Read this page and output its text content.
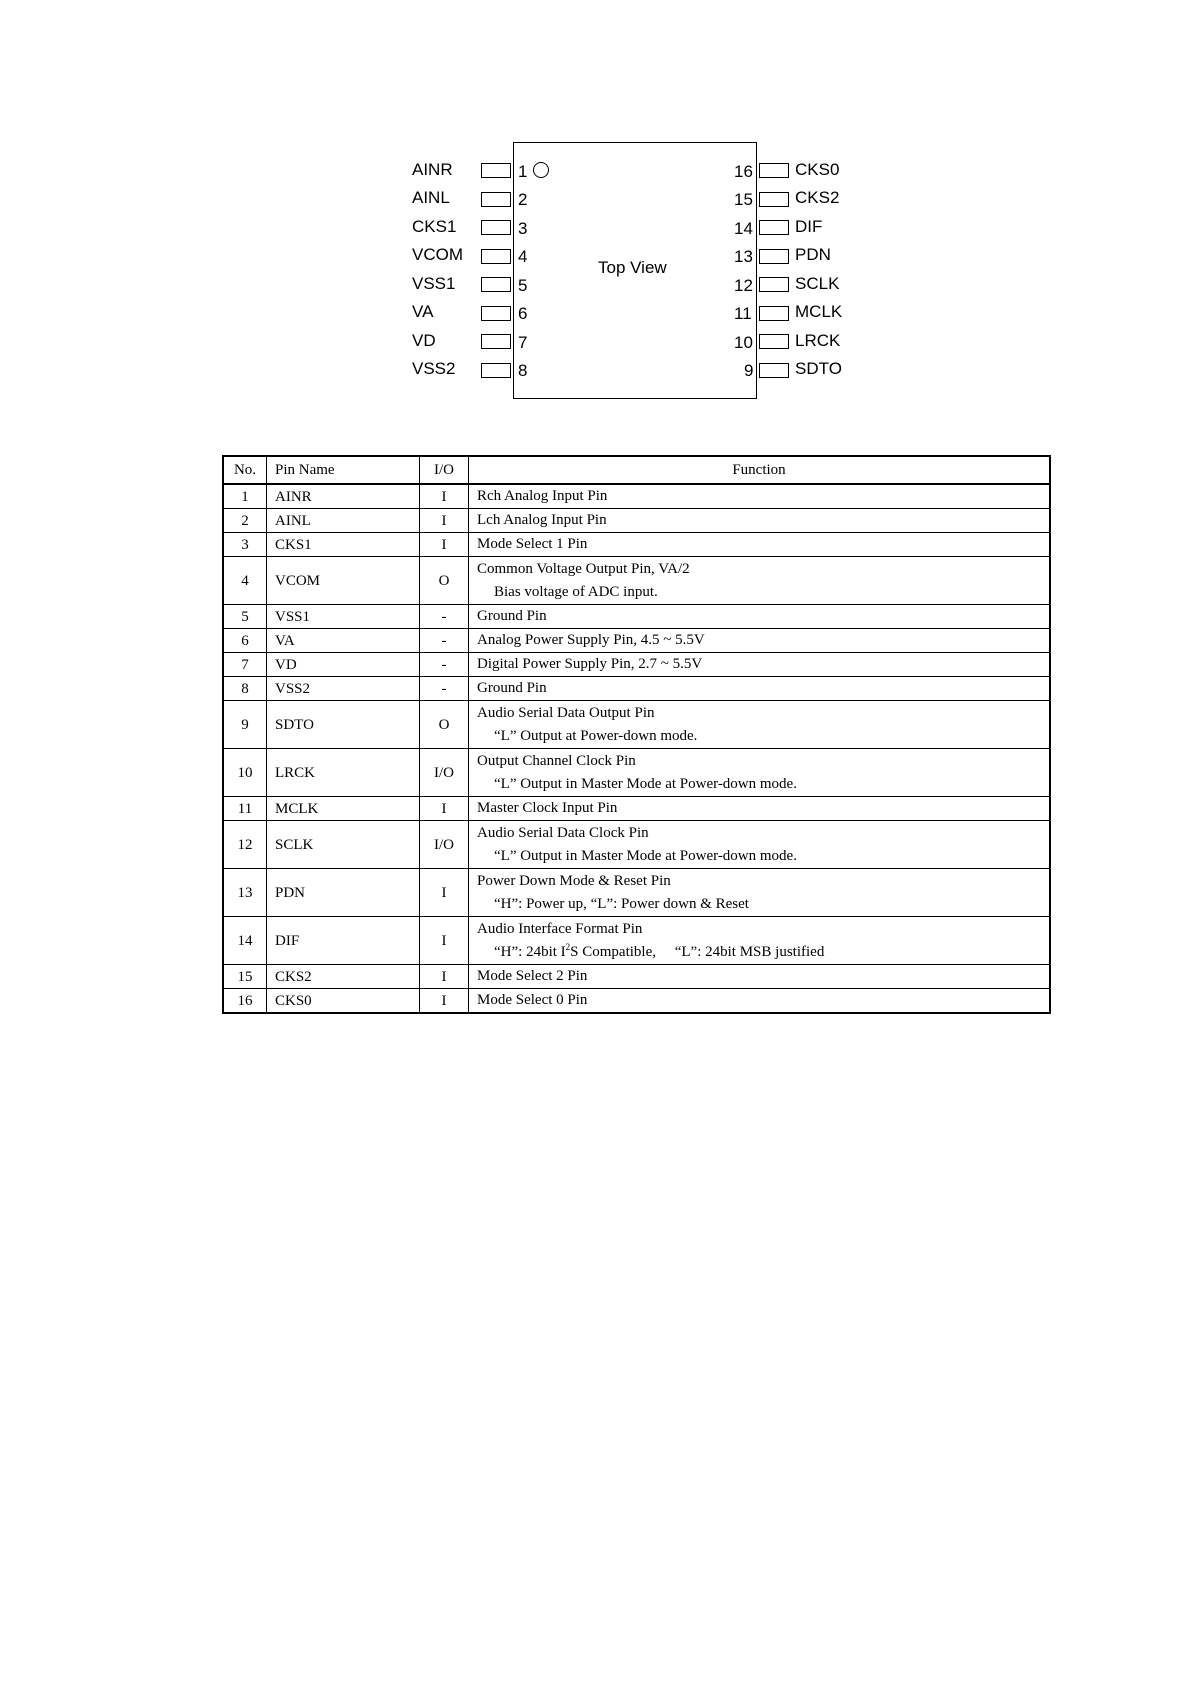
Top View
AINR	1
AINL	2
CKS1	3
VCOM	4
VSS1	5
VA	6
VD	7
VSS2	8
16 CKS0
15 CKS2
14 DIF
13 PDN
12 SCLK
11	MCLK
10 LRCK
9 SDTO
No.	Pin Name	I/O	Function
1	AINR	I	Rch Analog Input Pin

2	AINL	I	Lch Analog Input Pin

3	CKS1	I	Mode Select 1 Pin

4	VCOM	O	Common Voltage Output Pin, VA/2
Bias voltage of ADC input.

5	VSS1	-	Ground Pin

6	VA	-	Analog Power Supply Pin, 4.5 ~ 5.5V

7	VD	-	Digital Power Supply Pin, 2.7 ~ 5.5V

8	VSS2	-	Ground Pin

9	SDTO	O	Audio Serial Data Output Pin
“L” Output at Power-down mode.

10	LRCK	I/O	Output Channel Clock Pin
“L” Output in Master Mode at Power-down mode.

11	MCLK	I	Master Clock Input Pin

12	SCLK	I/O	Audio Serial Data Clock Pin
“L” Output in Master Mode at Power-down mode.

13	PDN	I	Power Down Mode & Reset Pin
“H”: Power up, “L”: Power down & Reset

14	DIF	I	Audio Interface Format Pin
“H”: 24bit $I^2S$ Compatible,     “L”: 24bit MSB justified

15	CKS2	I	Mode Select 2 Pin

16	CKS0	I	Mode Select 0 Pin
